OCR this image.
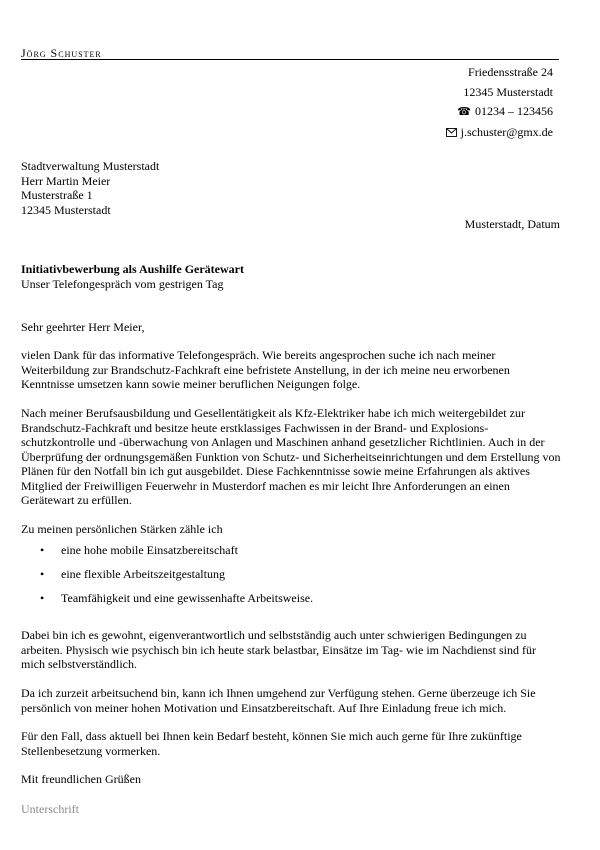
Jörg Schuster
Friedensstraße 24
12345 Musterstadt
☎ 01234 – 123456
j.schuster@gmx.de
Stadtverwaltung Musterstadt
Herr Martin Meier
Musterstraße 1
12345 Musterstadt
Musterstadt, Datum
Initiativbewerbung als Aushilfe Gerätewart
Unser Telefongespräch vom gestrigen Tag
Sehr geehrter Herr Meier,
vielen Dank für das informative Telefongespräch. Wie bereits angesprochen suche ich nach meiner Weiterbildung zur Brandschutz-Fachkraft eine befristete Anstellung, in der ich meine neu erworbenen Kenntnisse umsetzen kann sowie meiner beruflichen Neigungen folge.
Nach meiner Berufsausbildung und Gesellentätigkeit als Kfz-Elektriker habe ich mich weitergebildet zur Brandschutz-Fachkraft und besitze heute erstklassiges Fachwissen in der Brand- und Explosions-schutzkontrolle und -überwachung von Anlagen und Maschinen anhand gesetzlicher Richtlinien. Auch in der Überprüfung der ordnungsgemäßen Funktion von Schutz- und Sicherheitseinrichtungen und dem Erstellung von Plänen für den Notfall bin ich gut ausgebildet. Diese Fachkenntnisse sowie meine Erfahrungen als aktives Mitglied der Freiwilligen Feuerwehr in Musterdorf machen es mir leicht Ihre Anforderungen an einen Gerätewart zu erfüllen.
Zu meinen persönlichen Stärken zähle ich
• eine hohe mobile Einsatzbereitschaft
• eine flexible Arbeitszeitgestaltung
• Teamfähigkeit und eine gewissenhafte Arbeitsweise.
Dabei bin ich es gewohnt, eigenverantwortlich und selbstständig auch unter schwierigen Bedingungen zu arbeiten. Physisch wie psychisch bin ich heute stark belastbar, Einsätze im Tag- wie im Nachdienst sind für mich selbstverständlich.
Da ich zurzeit arbeitsuchend bin, kann ich Ihnen umgehend zur Verfügung stehen. Gerne überzeuge ich Sie persönlich von meiner hohen Motivation und Einsatzbereitschaft. Auf Ihre Einladung freue ich mich.
Für den Fall, dass aktuell bei Ihnen kein Bedarf besteht, können Sie mich auch gerne für Ihre zukünftige Stellenbesetzung vormerken.
Mit freundlichen Grüßen
Unterschrift
